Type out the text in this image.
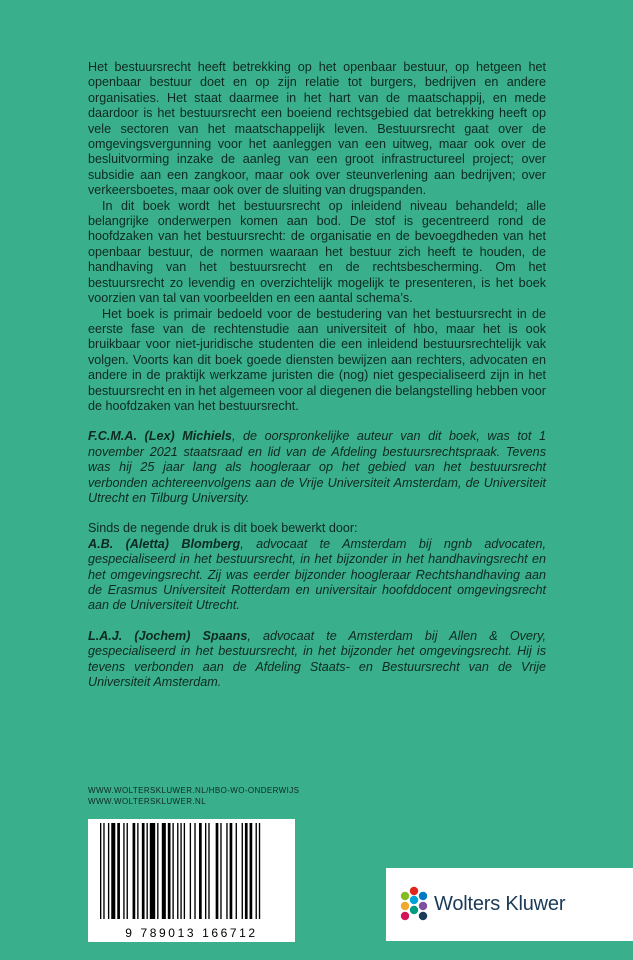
Het bestuursrecht heeft betrekking op het openbaar bestuur, op hetgeen het openbaar bestuur doet en op zijn relatie tot burgers, bedrijven en andere organisaties. Het staat daarmee in het hart van de maatschappij, en mede daardoor is het bestuursrecht een boeiend rechtsgebied dat betrekking heeft op vele sectoren van het maatschappelijk leven. Bestuursrecht gaat over de omgevingsvergunning voor het aanleggen van een uitweg, maar ook over de besluitvorming inzake de aanleg van een groot infrastructureel project; over subsidie aan een zangkoor, maar ook over steunverlening aan bedrijven; over verkeersboetes, maar ook over de sluiting van drugspanden.

In dit boek wordt het bestuursrecht op inleidend niveau behandeld; alle belangrijke onderwerpen komen aan bod. De stof is gecentreerd rond de hoofdzaken van het bestuursrecht: de organisatie en de bevoegdheden van het openbaar bestuur, de normen waaraan het bestuur zich heeft te houden, de handhaving van het bestuursrecht en de rechtsbescherming. Om het bestuursrecht zo levendig en overzichtelijk mogelijk te presenteren, is het boek voorzien van tal van voorbeelden en een aantal schema’s.

Het boek is primair bedoeld voor de bestudering van het bestuursrecht in de eerste fase van de rechtenstudie aan universiteit of hbo, maar het is ook bruikbaar voor niet-juridische studenten die een inleidend bestuursrechtelijk vak volgen. Voorts kan dit boek goede diensten bewijzen aan rechters, advocaten en andere in de praktijk werkzame juristen die (nog) niet gespecialiseerd zijn in het bestuursrecht en in het algemeen voor al diegenen die belangstelling hebben voor de hoofdzaken van het bestuursrecht.

F.C.M.A. (Lex) Michiels, de oorspronkelijke auteur van dit boek, was tot 1 november 2021 staatsraad en lid van de Afdeling bestuursrechtspraak. Tevens was hij 25 jaar lang als hoogleraar op het gebied van het bestuursrecht verbonden achtereenvolgens aan de Vrije Universiteit Amsterdam, de Universiteit Utrecht en Tilburg University.

Sinds de negende druk is dit boek bewerkt door:

A.B. (Aletta) Blomberg, advocaat te Amsterdam bij ngnb advocaten, gespecialiseerd in het bestuursrecht, in het bijzonder in het handhavingsrecht en het omgevingsrecht. Zij was eerder bijzonder hoogleraar Rechtshandhaving aan de Erasmus Universiteit Rotterdam en universitair hoofddocent omgevingsrecht aan de Universiteit Utrecht.

L.A.J. (Jochem) Spaans, advocaat te Amsterdam bij Allen & Overy, gespecialiseerd in het bestuursrecht, in het bijzonder het omgevingsrecht. Hij is tevens verbonden aan de Afdeling Staats- en Bestuursrecht van de Vrije Universiteit Amsterdam.

WWW.WOLTERSKLUWER.NL/HBO-WO-ONDERWIJS
WWW.WOLTERSKLUWER.NL
9 789013 166712
Wolters Kluwer
